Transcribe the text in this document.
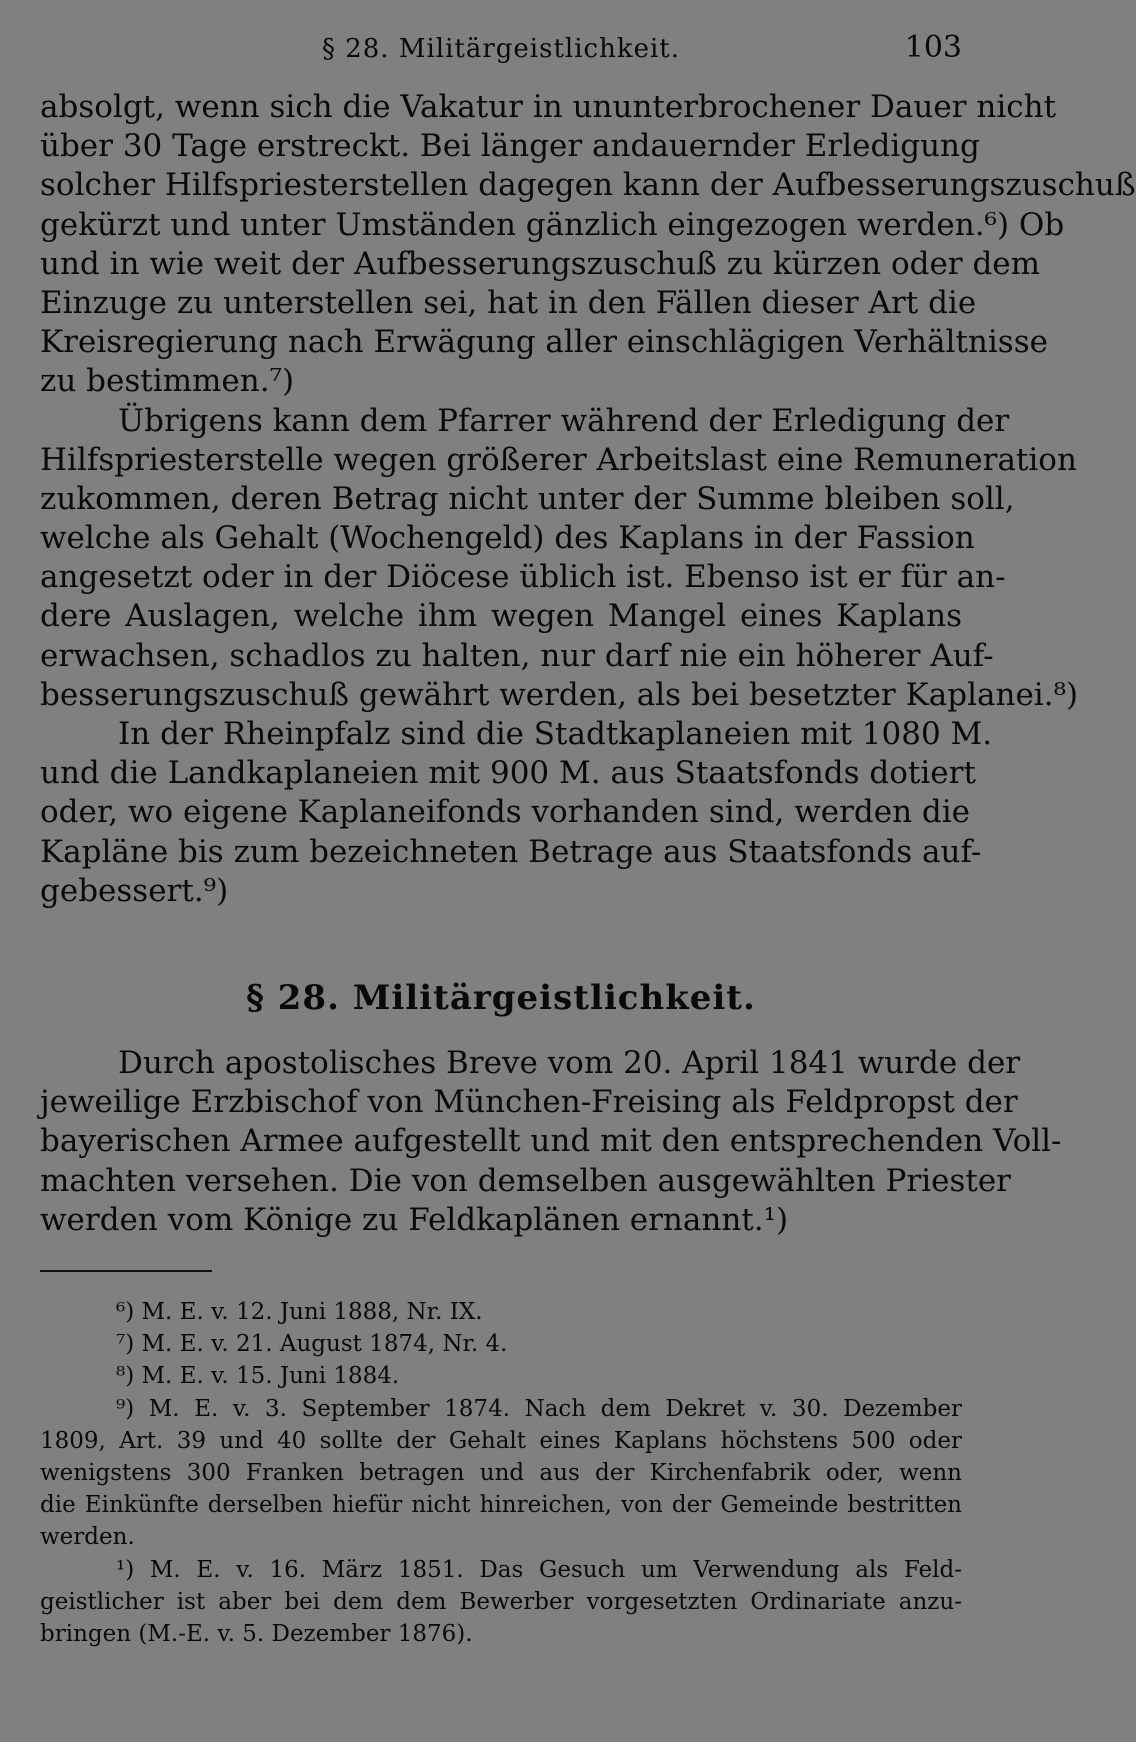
§ 28. Militärgeistlichkeit.	103
absolgt, wenn sich die Vakatur in ununterbrochener Dauer nicht
über 30 Tage erstreckt. Bei länger andauernder Erledigung
solcher Hilfspriesterstellen dagegen kann der Aufbesserungszuschuß
gekürzt und unter Umständen gänzlich eingezogen werden.⁶) Ob
und in wie weit der Aufbesserungszuschuß zu kürzen oder dem
Einzuge zu unterstellen sei, hat in den Fällen dieser Art die
Kreisregierung nach Erwägung aller einschlägigen Verhältnisse
zu bestimmen.⁷)
Übrigens kann dem Pfarrer während der Erledigung der
Hilfspriesterstelle wegen größerer Arbeitslast eine Remuneration
zukommen, deren Betrag nicht unter der Summe bleiben soll,
welche als Gehalt (Wochengeld) des Kaplans in der Fassion
angesetzt oder in der Diöcese üblich ist. Ebenso ist er für an-
dere Auslagen, welche ihm wegen Mangel eines Kaplans
erwachsen, schadlos zu halten, nur darf nie ein höherer Auf-
besserungszuschuß gewährt werden, als bei besetzter Kaplanei.⁸)
In der Rheinpfalz sind die Stadtkaplaneien mit 1080 M.
und die Landkaplaneien mit 900 M. aus Staatsfonds dotiert
oder, wo eigene Kaplaneifonds vorhanden sind, werden die
Kapläne bis zum bezeichneten Betrage aus Staatsfonds auf-
gebessert.⁹)
§ 28. Militärgeistlichkeit.
Durch apostolisches Breve vom 20. April 1841 wurde der
jeweilige Erzbischof von München-Freising als Feldpropst der
bayerischen Armee aufgestellt und mit den entsprechenden Voll-
machten versehen. Die von demselben ausgewählten Priester
werden vom Könige zu Feldkaplänen ernannt.¹)
⁶) M. E. v. 12. Juni 1888, Nr. IX.
⁷) M. E. v. 21. August 1874, Nr. 4.
⁸) M. E. v. 15. Juni 1884.
⁹) M. E. v. 3. September 1874. Nach dem Dekret v. 30. Dezember
1809, Art. 39 und 40 sollte der Gehalt eines Kaplans höchstens 500 oder
wenigstens 300 Franken betragen und aus der Kirchenfabrik oder, wenn
die Einkünfte derselben hiefür nicht hinreichen, von der Gemeinde bestritten
werden.
¹) M. E. v. 16. März 1851. Das Gesuch um Verwendung als Feld-
geistlicher ist aber bei dem dem Bewerber vorgesetzten Ordinariate anzu-
bringen (M.-E. v. 5. Dezember 1876).
